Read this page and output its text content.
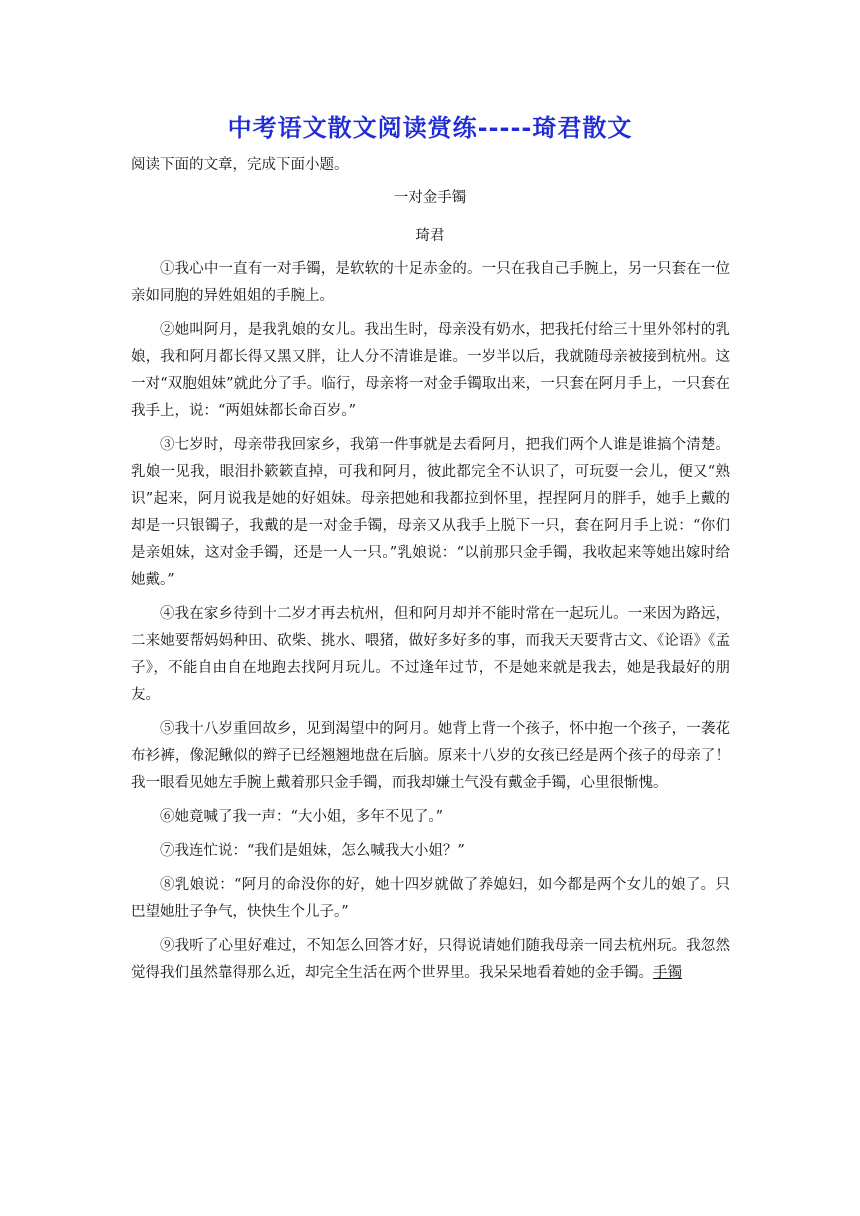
中考语文散文阅读赏练-----琦君散文
阅读下面的文章，完成下面小题。
一对金手镯
琦君

①我心中一直有一对手镯，是软软的十足赤金的。一只在我自己手腕上，另一只套在一位亲如同胞的异姓姐姐的手腕上。

②她叫阿月，是我乳娘的女儿。我出生时，母亲没有奶水，把我托付给三十里外邻村的乳娘，我和阿月都长得又黑又胖，让人分不清谁是谁。一岁半以后，我就随母亲被接到杭州。这一对“双胞姐妹”就此分了手。临行，母亲将一对金手镯取出来，一只套在阿月手上，一只套在我手上，说：“两姐妹都长命百岁。”

③七岁时，母亲带我回家乡，我第一件事就是去看阿月，把我们两个人谁是谁搞个清楚。乳娘一见我，眼泪扑簌簌直掉，可我和阿月，彼此都完全不认识了，可玩耍一会儿，便又“熟识”起来，阿月说我是她的好姐妹。母亲把她和我都拉到怀里，捏捏阿月的胖手，她手上戴的却是一只银镯子，我戴的是一对金手镯，母亲又从我手上脱下一只，套在阿月手上说：“你们是亲姐妹，这对金手镯，还是一人一只。”乳娘说：“以前那只金手镯，我收起来等她出嫁时给她戴。”

④我在家乡待到十二岁才再去杭州，但和阿月却并不能时常在一起玩儿。一来因为路远，二来她要帮妈妈种田、砍柴、挑水、喂猪，做好多好多的事，而我天天要背古文、《论语》《孟子》，不能自由自在地跑去找阿月玩儿。不过逢年过节，不是她来就是我去，她是我最好的朋友。

⑤我十八岁重回故乡，见到渴望中的阿月。她背上背一个孩子，怀中抱一个孩子，一袭花布衫裤，像泥鳅似的辫子已经翘翘地盘在后脑。原来十八岁的女孩已经是两个孩子的母亲了！我一眼看见她左手腕上戴着那只金手镯，而我却嫌土气没有戴金手镯，心里很惭愧。

⑥她竟喊了我一声：“大小姐，多年不见了。”

⑦我连忙说：“我们是姐妹，怎么喊我大小姐？”

⑧乳娘说：“阿月的命没你的好，她十四岁就做了养媳妇，如今都是两个女儿的娘了。只巴望她肚子争气，快快生个儿子。”

⑨我听了心里好难过，不知怎么回答才好，只得说请她们随我母亲一同去杭州玩。我忽然觉得我们虽然靠得那么近，却完全生活在两个世界里。我呆呆地看着她的金手镯。手镯
